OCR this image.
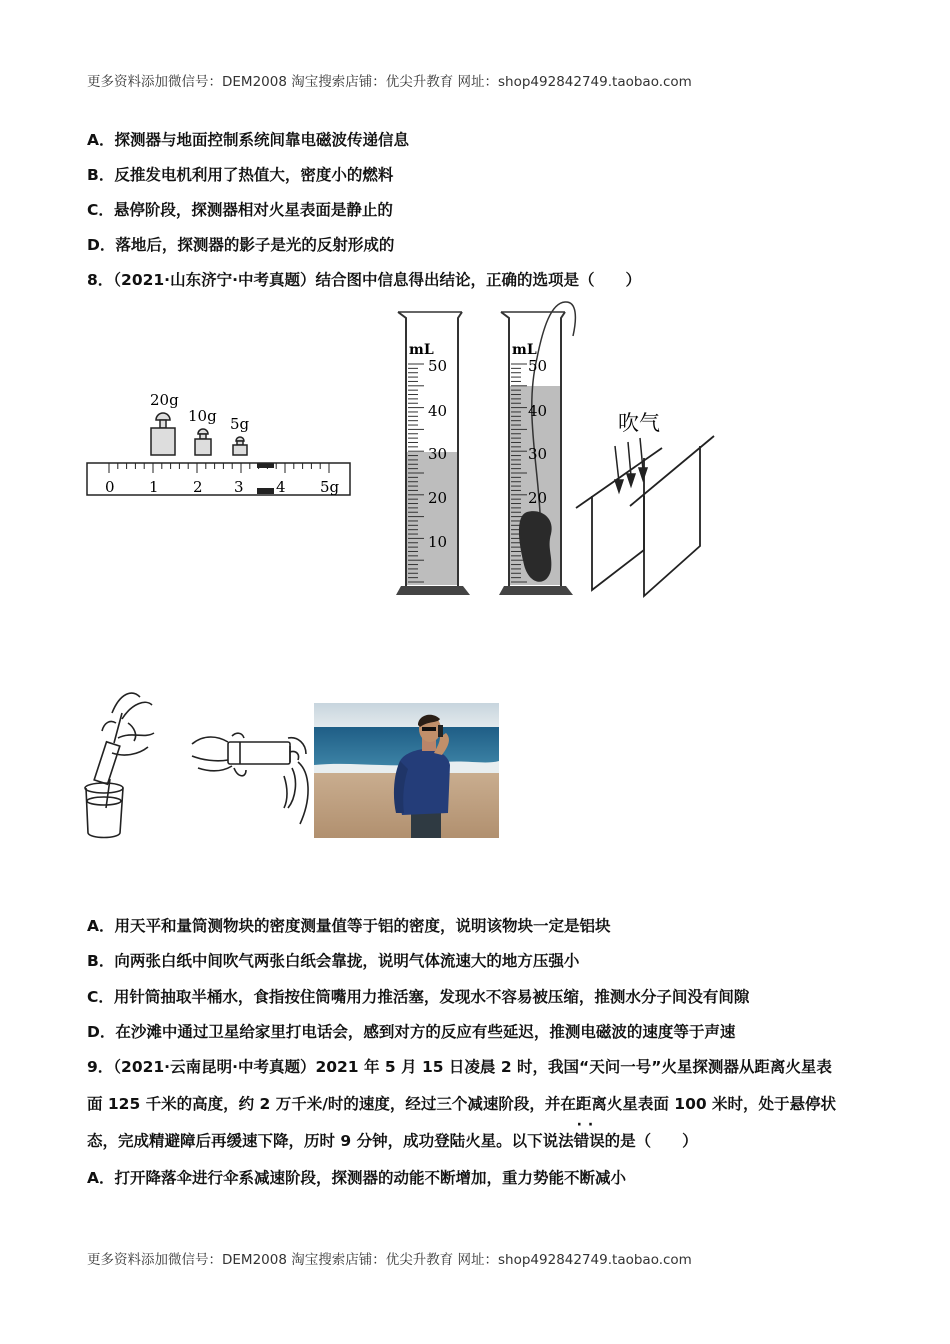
更多资料添加微信号：DEM2008 淘宝搜索店铺：优尖升教育 网址：shop492842749.taobao.com
A．探测器与地面控制系统间靠电磁波传递信息
B．反推发电机利用了热值大，密度小的燃料
C．悬停阶段，探测器相对火星表面是静止的
D．落地后，探测器的影子是光的反射形成的
8．（2021·山东济宁·中考真题）结合图中信息得出结论，正确的选项是（　　）
20g
10g 5g
0 1 2 3 4 5g
mL
50
40
30
20
10
mL
50
40
30
20
吹气
A．用天平和量筒测物块的密度测量值等于铝的密度，说明该物块一定是铝块
B．向两张白纸中间吹气两张白纸会靠拢，说明气体流速大的地方压强小
C．用针筒抽取半桶水，食指按住筒嘴用力推活塞，发现水不容易被压缩，推测水分子间没有间隙
D．在沙滩中通过卫星给家里打电话会，感到对方的反应有些延迟，推测电磁波的速度等于声速
9．（2021·云南昆明·中考真题）2021 年 5 月 15 日凌晨 2 时，我国“天问一号”火星探测器从距离火星表
面 125 千米的高度，约 2 万千米/时的速度，经过三个减速阶段，并在距离火星表面 100 米时，处于悬停状
态，完成精避障后再缓速下降，历时 9 分钟，成功登陆火星。以下说法·· 错误的是（　　）
A．打开降落伞进行伞系减速阶段，探测器的动能不断增加，重力势能不断减小
更多资料添加微信号：DEM2008 淘宝搜索店铺：优尖升教育 网址：shop492842749.taobao.com
